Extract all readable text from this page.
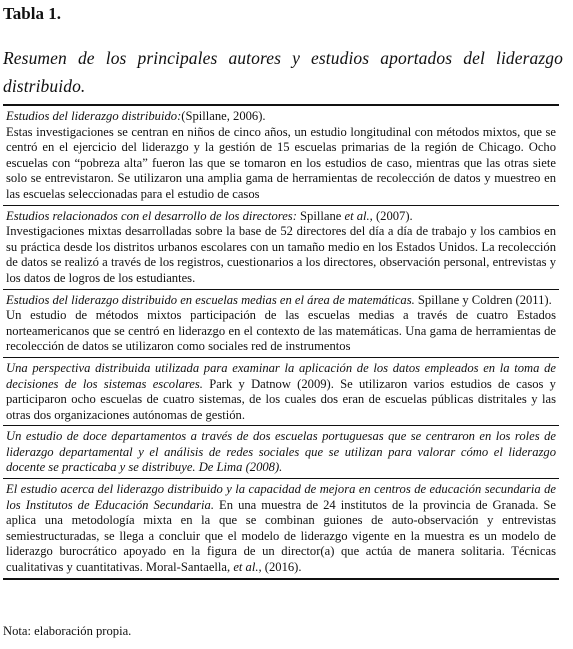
Tabla 1.
Resumen de los principales autores y estudios aportados del liderazgo distribuido.
Estudios del liderazgo distribuido:(Spillane, 2006).
Estas investigaciones se centran en niños de cinco años, un estudio longitudinal con métodos mixtos, que se centró en el ejercicio del liderazgo y la gestión de 15 escuelas primarias de la región de Chicago. Ocho escuelas con “pobreza alta” fueron las que se tomaron en los estudios de caso, mientras que las otras siete solo se entrevistaron. Se utilizaron una amplia gama de herramientas de recolección de datos y muestreo en las escuelas seleccionadas para el estudio de casos
Estudios relacionados con el desarrollo de los directores: Spillane et al., (2007).
Investigaciones mixtas desarrolladas sobre la base de 52 directores del día a día de trabajo y los cambios en su práctica desde los distritos urbanos escolares con un tamaño medio en los Estados Unidos. La recolección de datos se realizó a través de los registros, cuestionarios a los directores, observación personal, entrevistas y los datos de logros de los estudiantes.
Estudios del liderazgo distribuido en escuelas medias en el área de matemáticas. Spillane y Coldren (2011).
Un estudio de métodos mixtos participación de las escuelas medias a través de cuatro Estados norteamericanos que se centró en liderazgo en el contexto de las matemáticas. Una gama de herramientas de recolección de datos se utilizaron como sociales red de instrumentos
Una perspectiva distribuida utilizada para examinar la aplicación de los datos empleados en la toma de decisiones de los sistemas escolares. Park y Datnow (2009). Se utilizaron varios estudios de casos y participaron ocho escuelas de cuatro sistemas, de los cuales dos eran de escuelas públicas distritales y las otras dos organizaciones autónomas de gestión.
Un estudio de doce departamentos a través de dos escuelas portuguesas que se centraron en los roles de liderazgo departamental y el análisis de redes sociales que se utilizan para valorar cómo el liderazgo docente se practicaba y se distribuye. De Lima (2008).
El estudio acerca del liderazgo distribuido y la capacidad de mejora en centros de educación secundaria de los Institutos de Educación Secundaria. En una muestra de 24 institutos de la provincia de Granada. Se aplica una metodología mixta en la que se combinan guiones de auto-observación y entrevistas semiestructuradas, se llega a concluir que el modelo de liderazgo vigente en la muestra es un modelo de liderazgo burocrático apoyado en la figura de un director(a) que actúa de manera solitaria. Técnicas cualitativas y cuantitativas. Moral-Santaella, et al., (2016).
Nota: elaboración propia.
